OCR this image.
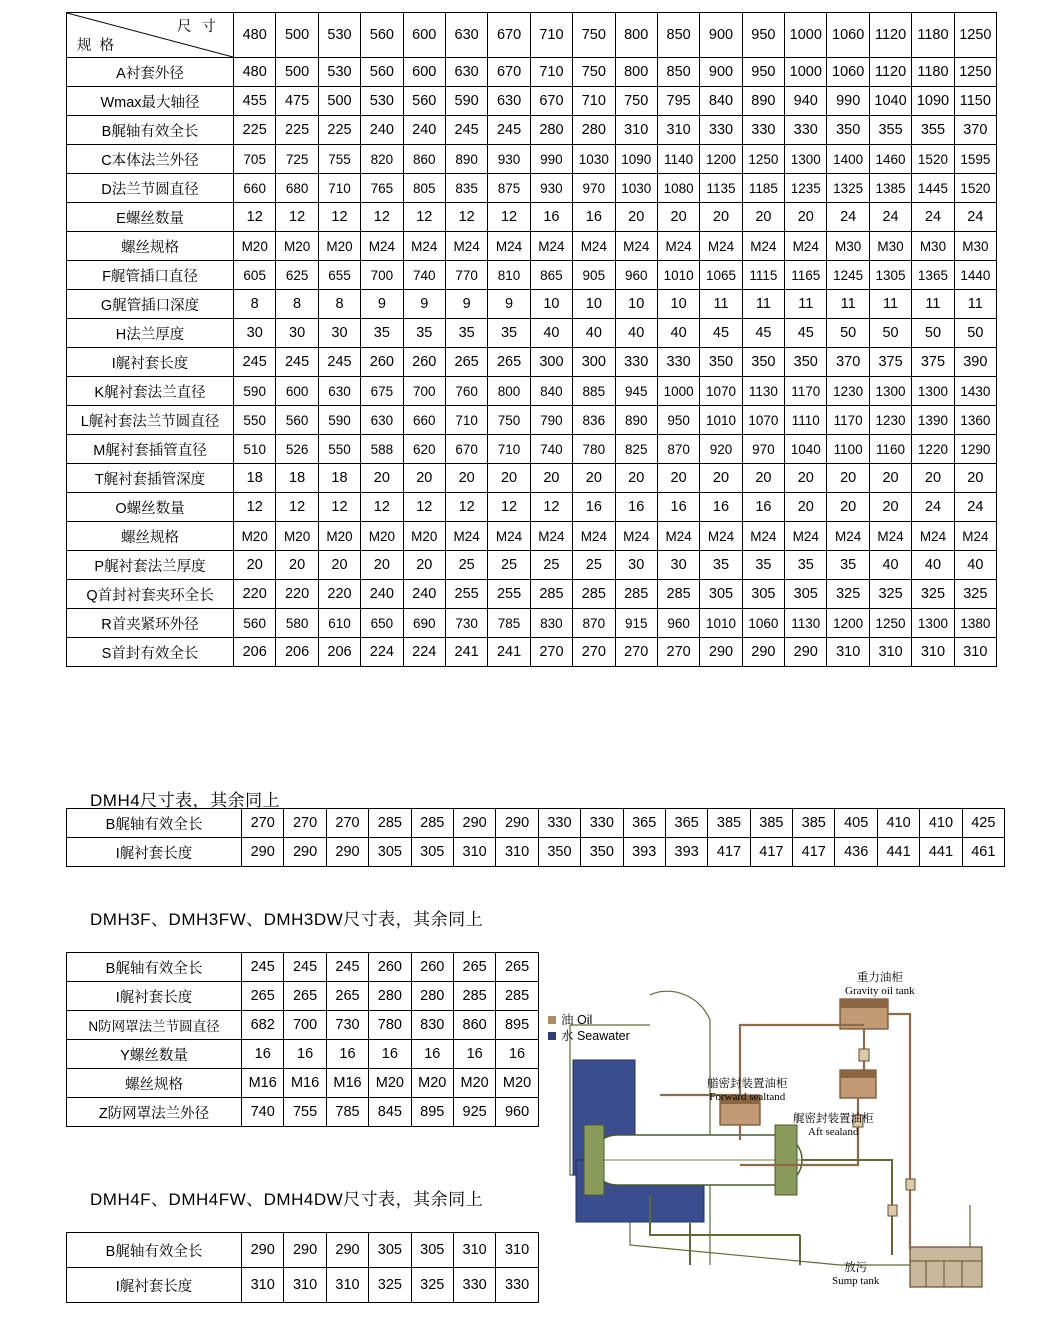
规 格
尺 寸	480	500	530	560	600	630	670	710	750	800	850	900	950	1000	1060	1120	1180	1250
A衬套外径	480	500	530	560	600	630	670	710	750	800	850	900	950	1000	1060	1120	1180	1250
Wmax最大轴径	455	475	500	530	560	590	630	670	710	750	795	840	890	940	990	1040	1090	1150
B艉轴有效全长	225	225	225	240	240	245	245	280	280	310	310	330	330	330	350	355	355	370
C本体法兰外径	705	725	755	820	860	890	930	990	1030	1090	1140	1200	1250	1300	1400	1460	1520	1595
D法兰节圆直径	660	680	710	765	805	835	875	930	970	1030	1080	1135	1185	1235	1325	1385	1445	1520
E螺丝数量	12	12	12	12	12	12	12	16	16	20	20	20	20	20	24	24	24	24
螺丝规格	M20	M20	M20	M24	M24	M24	M24	M24	M24	M24	M24	M24	M24	M24	M30	M30	M30	M30
F艉管插口直径	605	625	655	700	740	770	810	865	905	960	1010	1065	1115	1165	1245	1305	1365	1440
G艉管插口深度	8	8	8	9	9	9	9	10	10	10	10	11	11	11	11	11	11	11
H法兰厚度	30	30	30	35	35	35	35	40	40	40	40	45	45	45	50	50	50	50
I艉衬套长度	245	245	245	260	260	265	265	300	300	330	330	350	350	350	370	375	375	390
K艉衬套法兰直径	590	600	630	675	700	760	800	840	885	945	1000	1070	1130	1170	1230	1300	1300	1430
L艉衬套法兰节圆直径	550	560	590	630	660	710	750	790	836	890	950	1010	1070	1110	1170	1230	1390	1360
M艉衬套插管直径	510	526	550	588	620	670	710	740	780	825	870	920	970	1040	1100	1160	1220	1290
T艉衬套插管深度	18	18	18	20	20	20	20	20	20	20	20	20	20	20	20	20	20	20
O螺丝数量	12	12	12	12	12	12	12	12	16	16	16	16	16	20	20	20	24	24
螺丝规格	M20	M20	M20	M20	M20	M24	M24	M24	M24	M24	M24	M24	M24	M24	M24	M24	M24	M24
P艉衬套法兰厚度	20	20	20	20	20	25	25	25	25	30	30	35	35	35	35	40	40	40
Q首封衬套夹环全长	220	220	220	240	240	255	255	285	285	285	285	305	305	305	325	325	325	325
R首夹紧环外径	560	580	610	650	690	730	785	830	870	915	960	1010	1060	1130	1200	1250	1300	1380
S首封有效全长	206	206	206	224	224	241	241	270	270	270	270	290	290	290	310	310	310	310
DMH4尺寸表，其余同上
B艉轴有效全长	270	270	270	285	285	290	290	330	330	365	365	385	385	385	405	410	410	425
I艉衬套长度	290	290	290	305	305	310	310	350	350	393	393	417	417	417	436	441	441	461
DMH3F、DMH3FW、DMH3DW尺寸表，其余同上
B艉轴有效全长	245	245	245	260	260	265	265
I艉衬套长度	265	265	265	280	280	285	285
N防网罩法兰节圆直径	682	700	730	780	830	860	895
Y螺丝数量	16	16	16	16	16	16	16
螺丝规格	M16	M16	M16	M20	M20	M20	M20
Z防网罩法兰外径	740	755	785	845	895	925	960
DMH4F、DMH4FW、DMH4DW尺寸表，其余同上
B艉轴有效全长	290	290	290	305	305	310	310
I艉衬套长度	310	310	310	325	325	330	330
油 Oil
水 Seawater
重力油柜
Gravity oil tank
艏密封装置油柜
Forward sealtand
艉密封装置油柜
Aft sealand
放污
Sump tank
